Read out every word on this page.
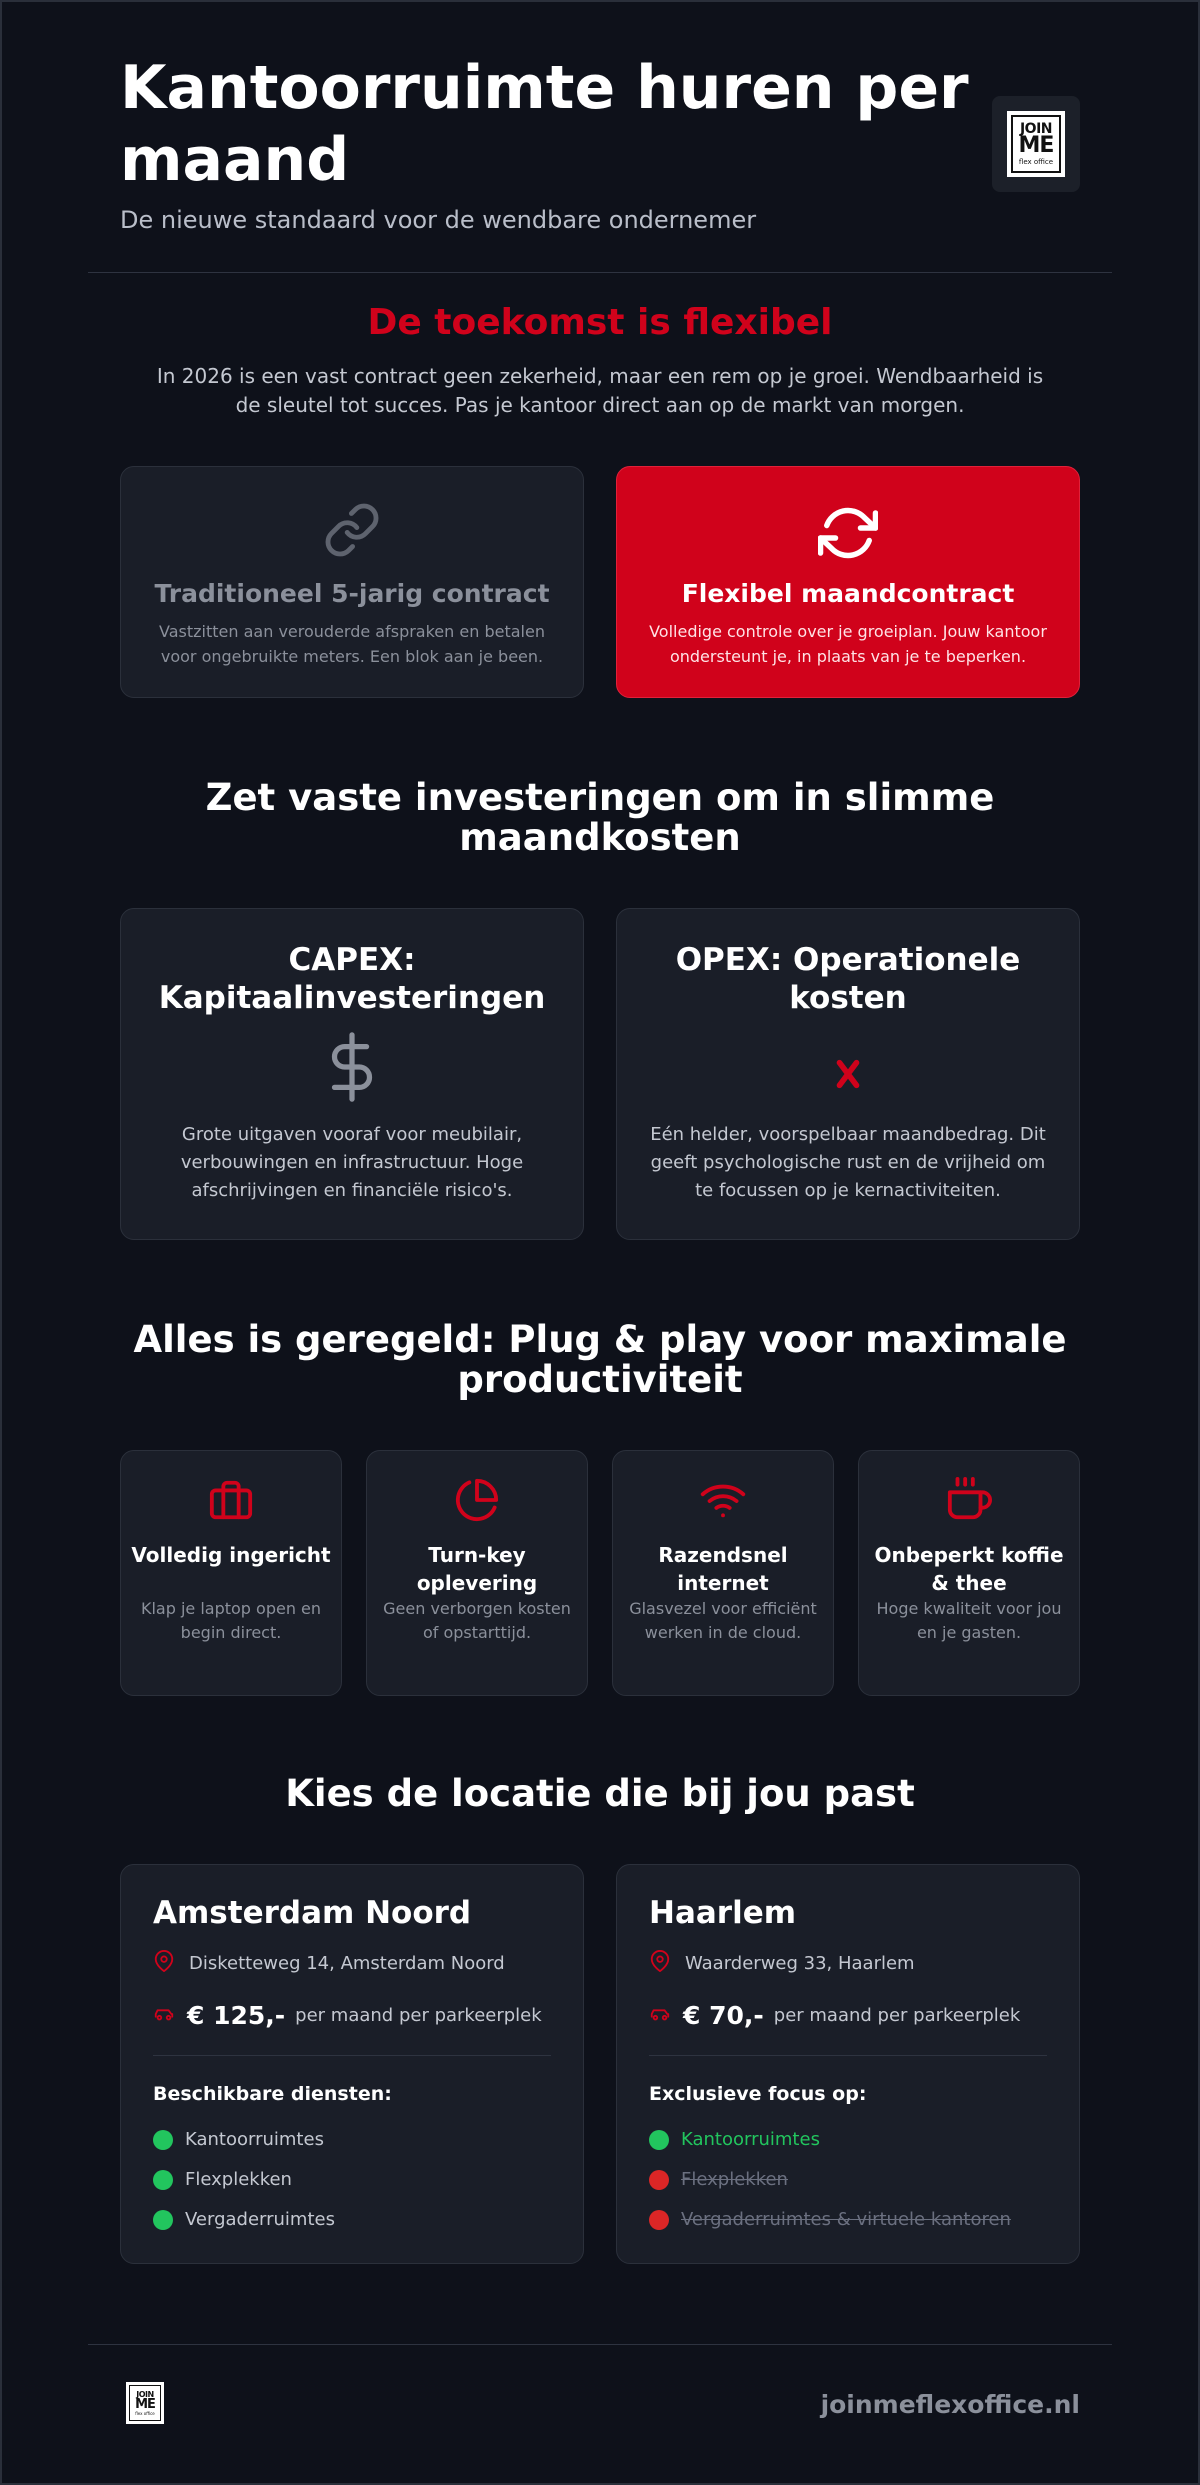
Kantoorruimte huren per maand
De nieuwe standaard voor de wendbare ondernemer
JOIN
ME
flex office
De toekomst is flexibel

In 2026 is een vast contract geen zekerheid, maar een rem op je groei. Wendbaarheid is de sleutel tot succes. Pas je kantoor direct aan op de markt van morgen.

Traditioneel 5-jarig contract
Vastzitten aan verouderde afspraken en betalen voor ongebruikte meters. Een blok aan je been.
Flexibel maandcontract
Volledige controle over je groeiplan. Jouw kantoor ondersteunt je, in plaats van je te beperken.
Zet vaste investeringen om in slimme maandkosten
CAPEX: Kapitaalinvesteringen
Grote uitgaven vooraf voor meubilair, verbouwingen en infrastructuur. Hoge afschrijvingen en financiële risico's.
OPEX: Operationele kosten
Eén helder, voorspelbaar maandbedrag. Dit geeft psychologische rust en de vrijheid om te focussen op je kernactiviteiten.
Alles is geregeld: Plug & play voor maximale productiviteit
Volledig ingericht
Klap je laptop open en begin direct.
Turn-key oplevering
Geen verborgen kosten of opstarttijd.
Razendsnel internet
Glasvezel voor efficiënt werken in de cloud.
Onbeperkt koffie & thee
Hoge kwaliteit voor jou en je gasten.
Kies de locatie die bij jou past
Amsterdam Noord
Disketteweg 14, Amsterdam Noord
€ 125,- per maand per parkeerplek
Beschikbare diensten:
Kantoorruimtes
Flexplekken
Vergaderruimtes
Haarlem
Waarderweg 33, Haarlem
€ 70,- per maand per parkeerplek
Exclusieve focus op:
Kantoorruimtes
Flexplekken
Vergaderruimtes & virtuele kantoren
JOIN
ME
flex office	joinmeflexoffice.nl
